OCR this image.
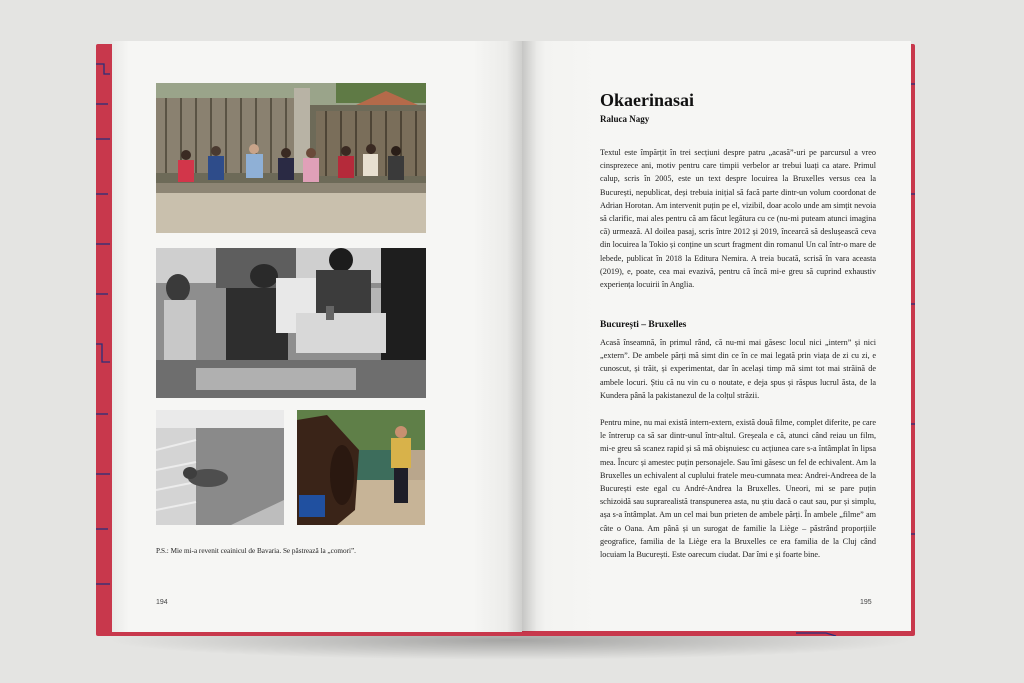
P.S.: Mie mi-a revenit ceainicul de Bavaria. Se păstrează la „comori”.
194
Okaerinasai
Raluca Nagy

Textul este împărțit în trei secțiuni despre patru „acasă”-uri pe parcursul a vreo cinsprezece ani, motiv pentru care timpii verbelor ar trebui luați ca atare. Primul calup, scris în 2005, este un text despre locuirea la Bruxelles versus cea la București, nepublicat, deși trebuia inițial să facă parte dintr-un volum coordonat de Adrian Horotan. Am intervenit puțin pe el, vizibil, doar acolo unde am simțit nevoia să clarific, mai ales pentru că am făcut legătura cu ce (nu-mi puteam atunci imagina că) urmează. Al doilea pasaj, scris între 2012 și 2019, încearcă să deslușească ceva din locuirea la Tokio și conține un scurt fragment din romanul Un cal într-o mare de lebede, publicat în 2018 la Editura Nemira. A treia bucată, scrisă în vara aceasta (2019), e, poate, cea mai evazivă, pentru că încă mi-e greu să cuprind exhaustiv experiența locuirii în Anglia.

București – Bruxelles

Acasă înseamnă, în primul rând, că nu-mi mai găsesc locul nici „intern” și nici „extern”. De ambele părți mă simt din ce în ce mai legată prin viața de zi cu zi, e cunoscut, și trăit, și experimentat, dar în același timp mă simt tot mai străină de ambele locuri. Știu că nu vin cu o noutate, e deja spus și răspus lucrul ăsta, de la Kundera până la pakistanezul de la colțul străzii.

Pentru mine, nu mai există intern-extern, există două filme, complet diferite, pe care le întrerup ca să sar dintr-unul într-altul. Greșeala e că, atunci când reiau un film, mi-e greu să scanez rapid și să mă obișnuiesc cu acțiunea care s-a întâmplat în lipsa mea. Încurc și amestec puțin personajele. Sau îmi găsesc un fel de echivalent. Am la Bruxelles un echivalent al cuplului fratele meu-cumnata mea: Andrei-Andreea de la București este egal cu André-Andrea la Bruxelles. Uneori, mi se pare puțin schizoidă sau suprarealistă transpunerea asta, nu știu dacă o caut sau, pur și simplu, așa s-a întâmplat. Am un cel mai bun prieten de ambele părți. În ambele „filme” am câte o Oana. Am până și un surogat de familie la Liège – păstrând proporțiile geografice, familia de la Liège era la Bruxelles ce era familia de la Cluj când locuiam la București. Este oarecum ciudat. Dar îmi e și foarte bine.

195
